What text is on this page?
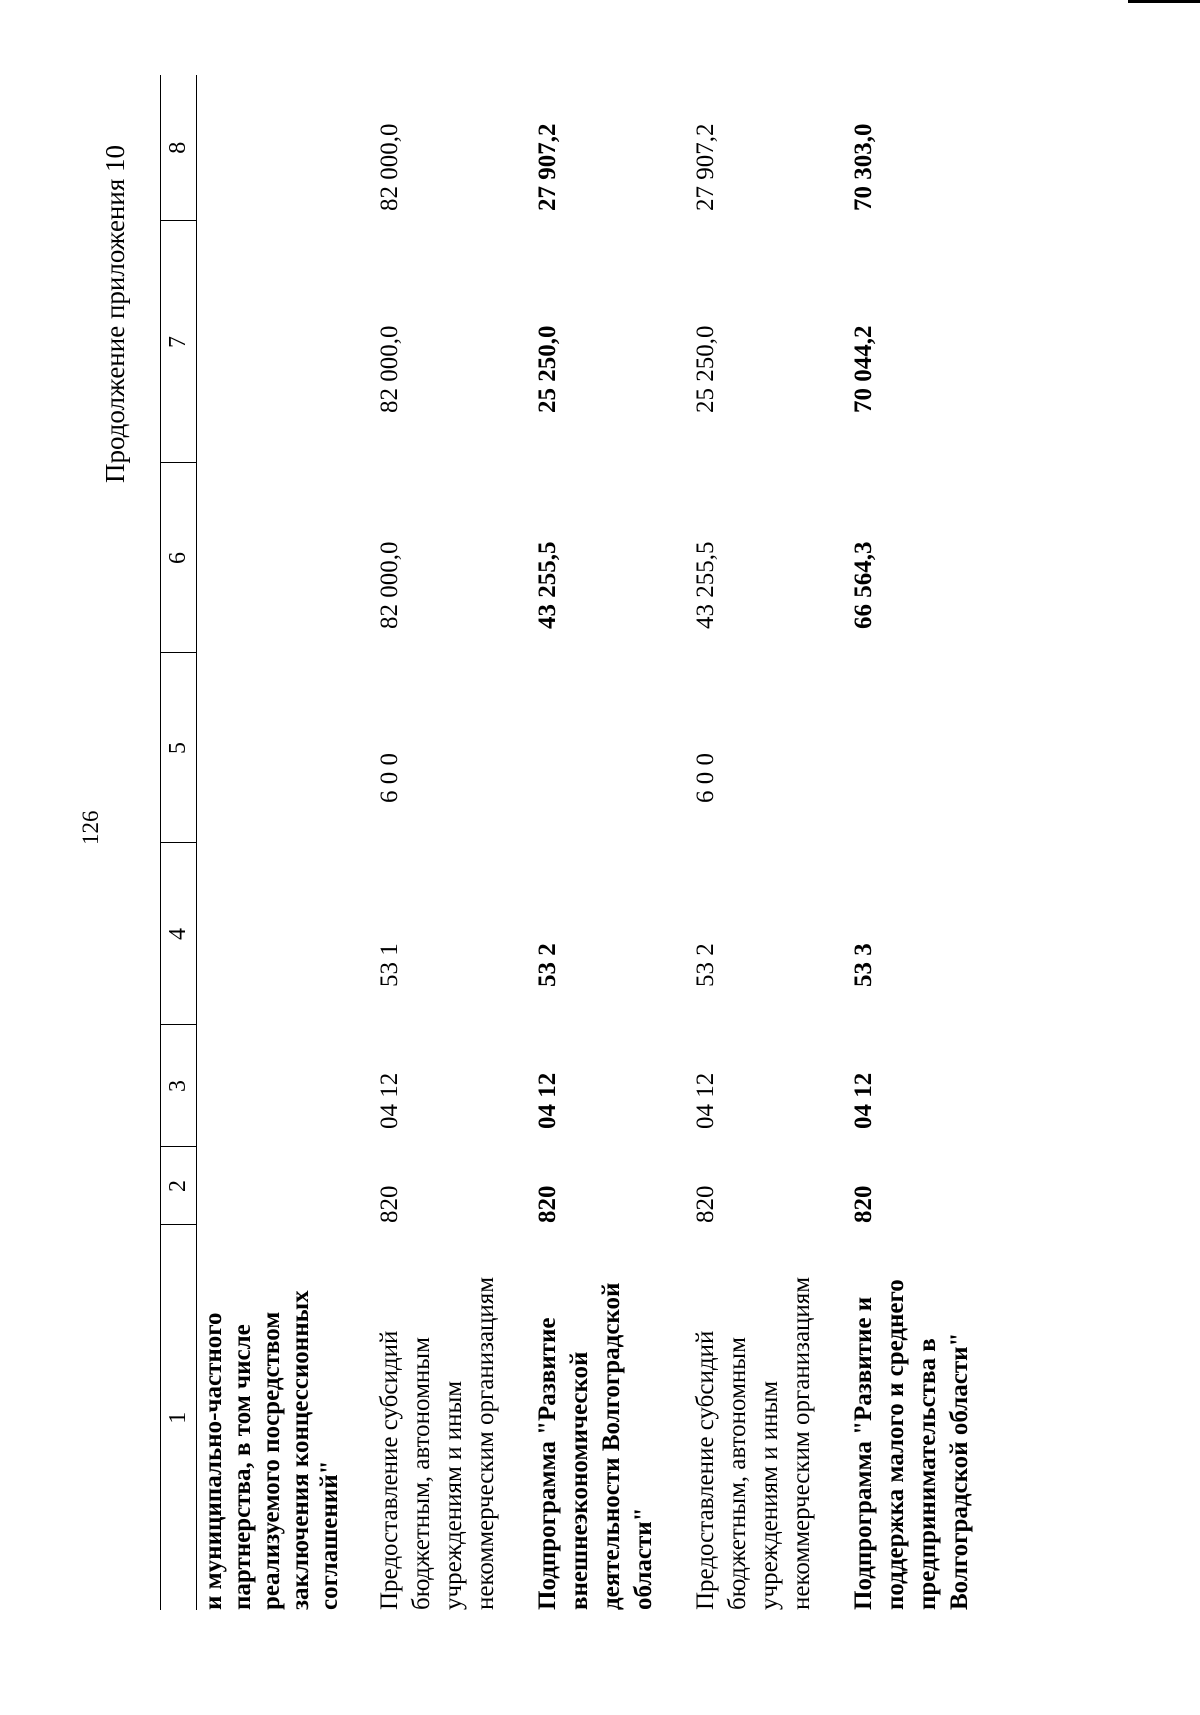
126
Продолжение приложения 10
1	2	3	4	5	6	7	8
и муниципально-частного партнерства, в том числе реализуемого посредством заключения концессионных соглашений"							

Предоставление субсидий бюджетным, автономным учреждениям и иным некоммерческим организациям	820	04 12	53 1	6 0 0	82 000,0	82 000,0	82 000,0

Подпрограмма "Развитие внешнеэкономической деятельности Волгоградской области"	820	04 12	53 2		43 255,5	25 250,0	27 907,2

Предоставление субсидий бюджетным, автономным учреждениям и иным некоммерческим организациям	820	04 12	53 2	6 0 0	43 255,5	25 250,0	27 907,2

Подпрограмма "Развитие и поддержка малого и среднего предпринимательства в Волгоградской области"	820	04 12	53 3		66 564,3	70 044,2	70 303,0
